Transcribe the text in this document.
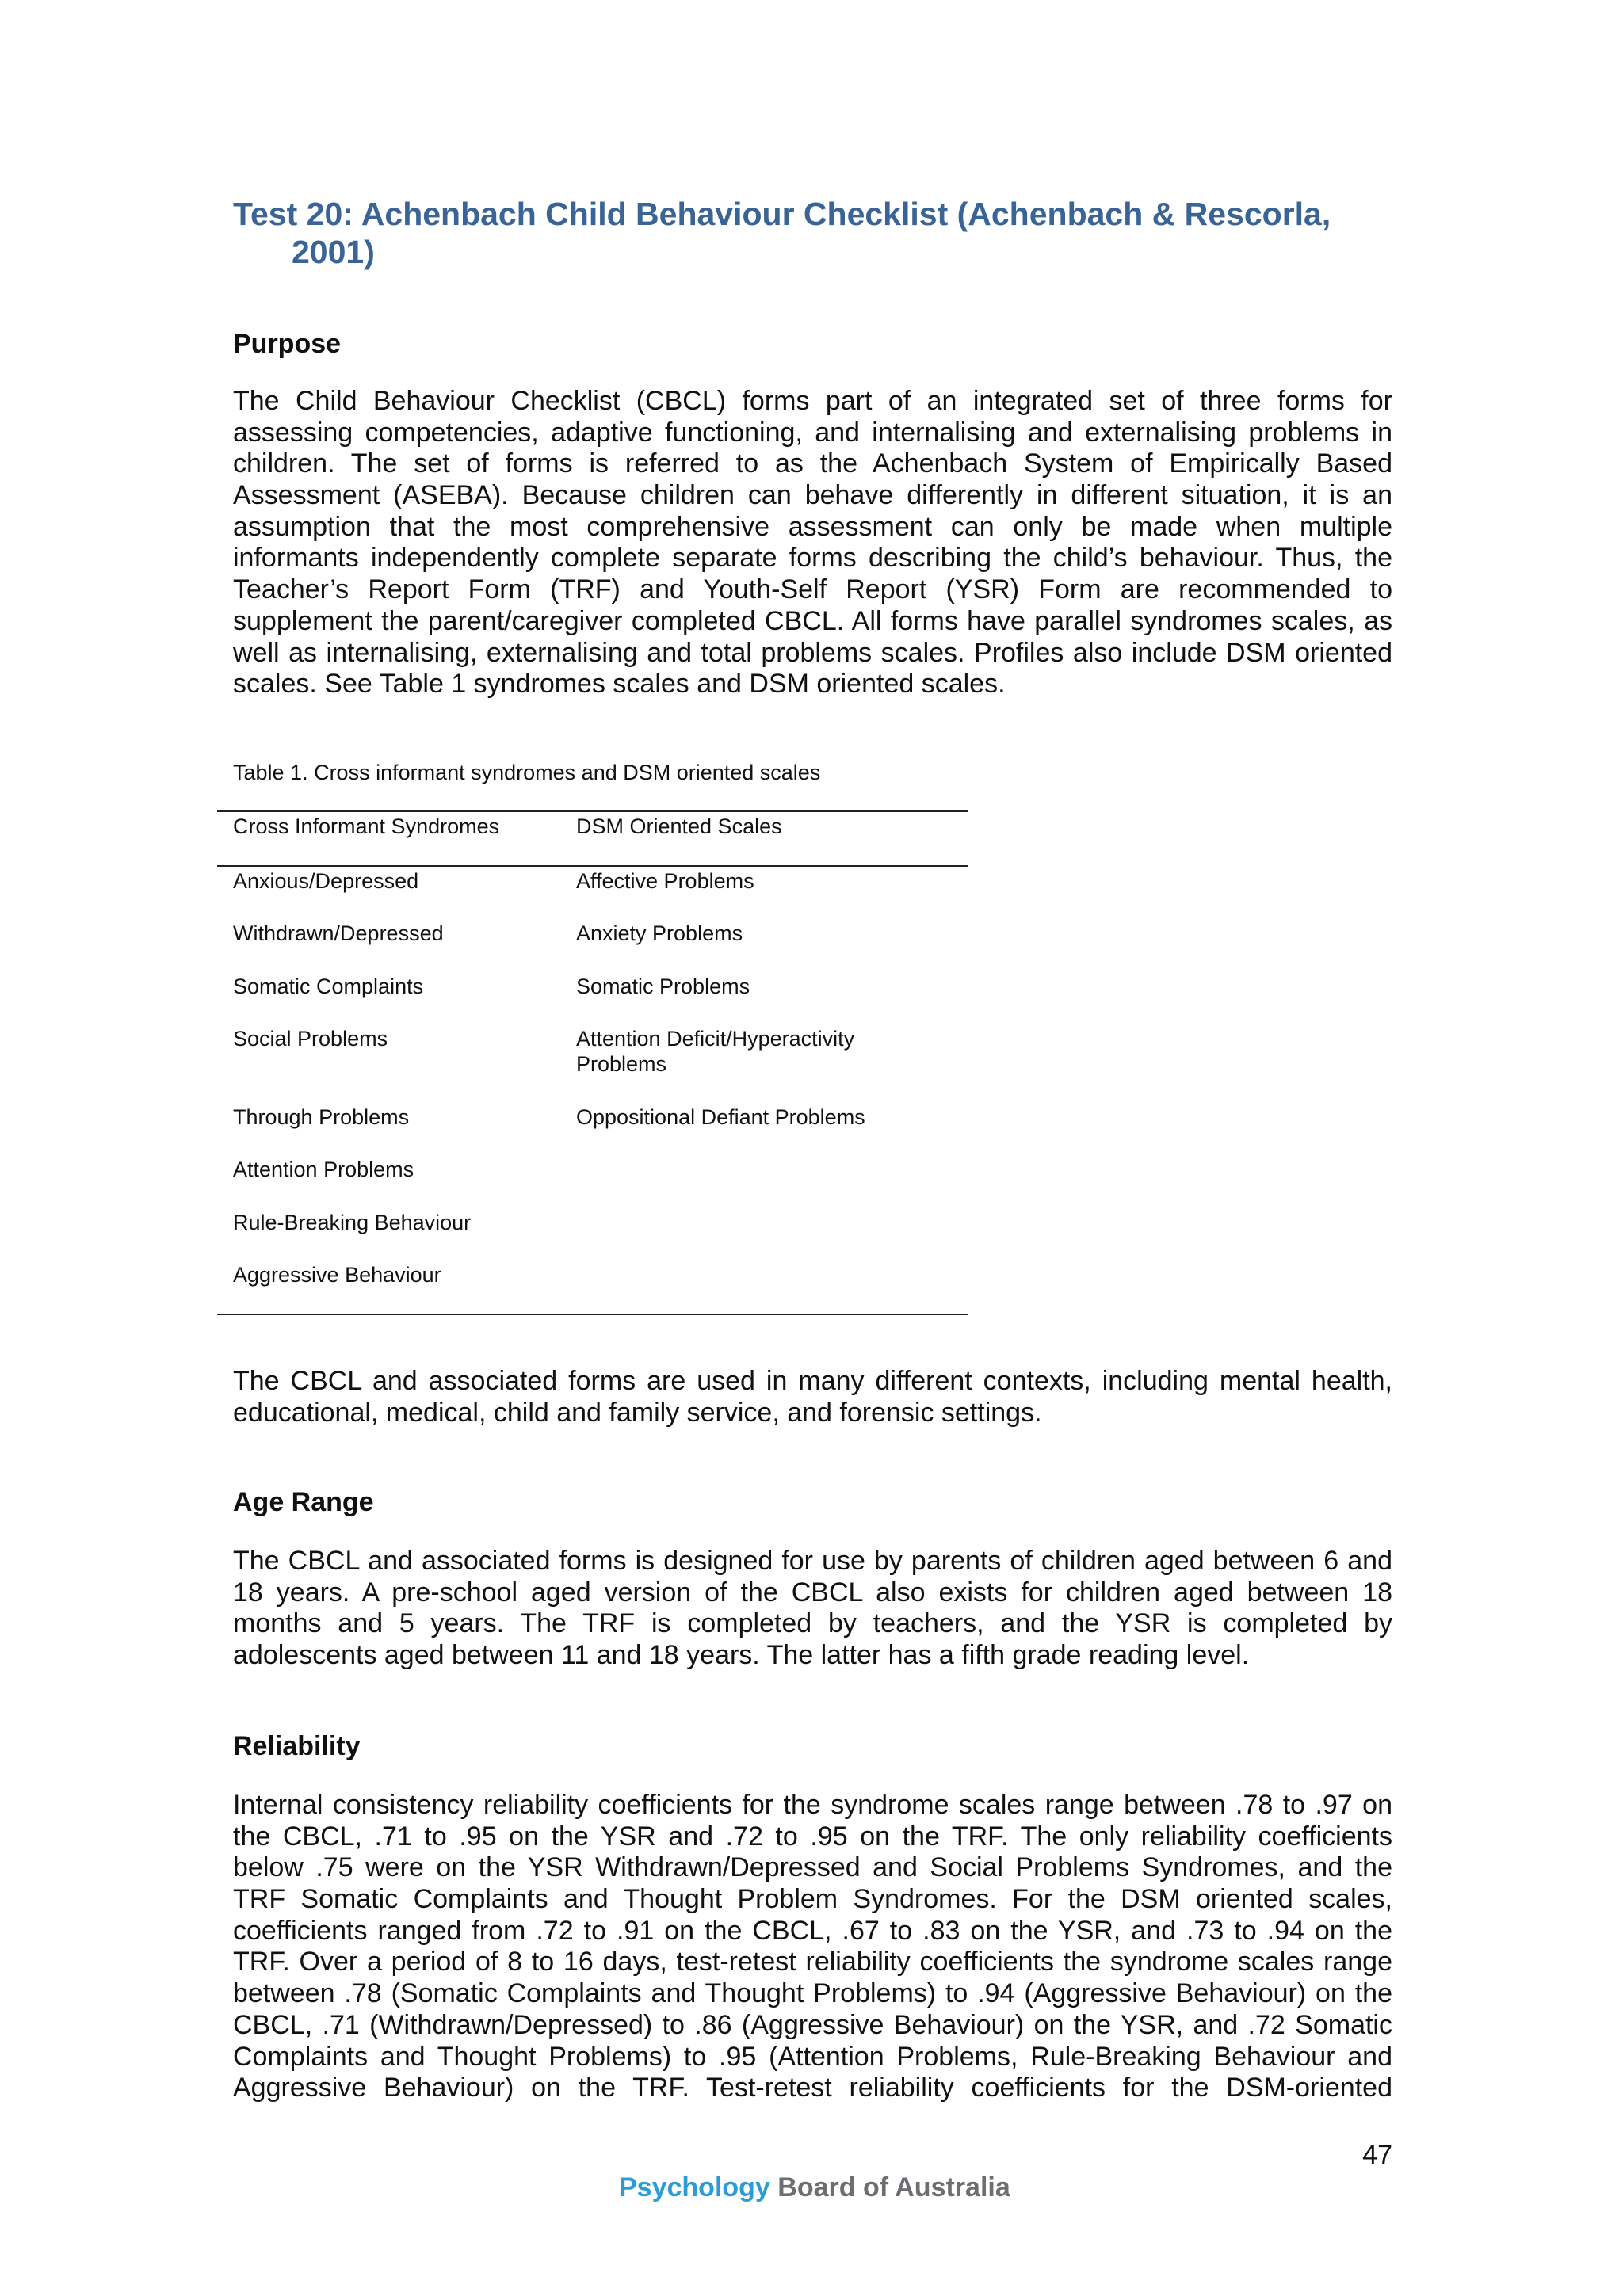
Test 20: Achenbach Child Behaviour Checklist (Achenbach & Rescorla,
2001)
Purpose
The Child Behaviour Checklist (CBCL) forms part of an integrated set of three forms for
assessing competencies, adaptive functioning, and internalising and externalising problems in
children. The set of forms is referred to as the Achenbach System of Empirically Based
Assessment (ASEBA). Because children can behave differently in different situation, it is an
assumption that the most comprehensive assessment can only be made when multiple
informants independently complete separate forms describing the child’s behaviour. Thus, the
Teacher’s Report Form (TRF) and Youth-Self Report (YSR) Form are recommended to
supplement the parent/caregiver completed CBCL. All forms have parallel syndromes scales, as
well as internalising, externalising and total problems scales. Profiles also include DSM oriented
scales. See Table 1 syndromes scales and DSM oriented scales.
Table 1. Cross informant syndromes and DSM oriented scales
Cross Informant Syndromes	DSM Oriented Scales
Anxious/Depressed	Affective Problems
Withdrawn/Depressed	Anxiety Problems
Somatic Complaints	Somatic Problems
Social Problems	Attention Deficit/Hyperactivity Problems
Through Problems	Oppositional Defiant Problems
Attention Problems
Rule-Breaking Behaviour
Aggressive Behaviour
The CBCL and associated forms are used in many different contexts, including mental health,
educational, medical, child and family service, and forensic settings.
Age Range
The CBCL and associated forms is designed for use by parents of children aged between 6 and
18 years. A pre-school aged version of the CBCL also exists for children aged between 18
months and 5 years. The TRF is completed by teachers, and the YSR is completed by
adolescents aged between 11 and 18 years. The latter has a fifth grade reading level.
Reliability
Internal consistency reliability coefficients for the syndrome scales range between .78 to .97 on
the CBCL, .71 to .95 on the YSR and .72 to .95 on the TRF. The only reliability coefficients
below .75 were on the YSR Withdrawn/Depressed and Social Problems Syndromes, and the
TRF Somatic Complaints and Thought Problem Syndromes. For the DSM oriented scales,
coefficients ranged from .72 to .91 on the CBCL, .67 to .83 on the YSR, and .73 to .94 on the
TRF. Over a period of 8 to 16 days, test-retest reliability coefficients the syndrome scales range
between .78 (Somatic Complaints and Thought Problems) to .94 (Aggressive Behaviour) on the
CBCL, .71 (Withdrawn/Depressed) to .86 (Aggressive Behaviour) on the YSR, and .72 Somatic
Complaints and Thought Problems) to .95 (Attention Problems, Rule-Breaking Behaviour and
Aggressive Behaviour) on the TRF. Test-retest reliability coefficients for the DSM-oriented
47
Psychology Board of Australia
